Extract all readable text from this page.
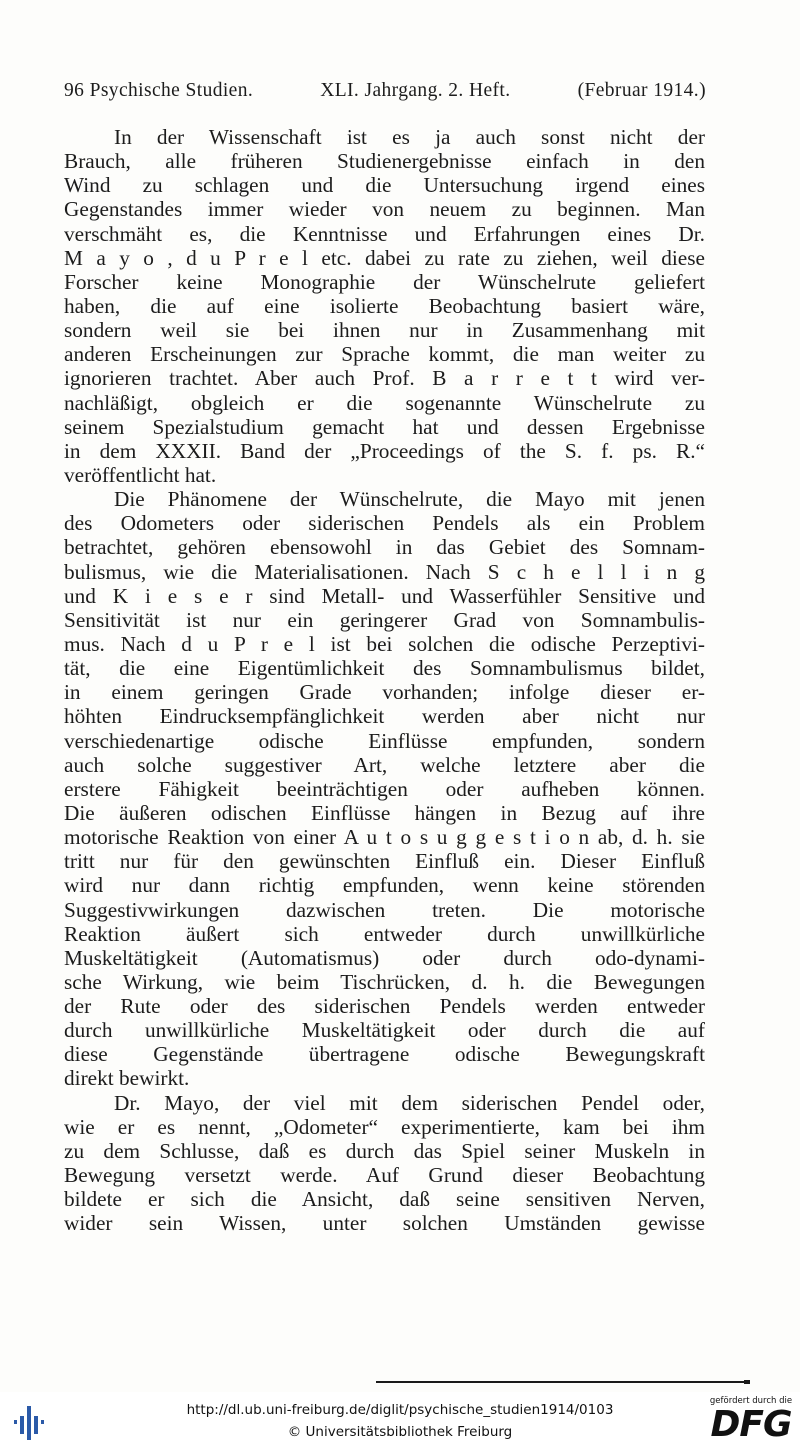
96 Psychische Studien.	XLI. Jahrgang. 2. Heft.	(Februar 1914.)
In der Wissenschaft ist es ja auch sonst nicht der
Brauch, alle früheren Studienergebnisse einfach in den
Wind zu schlagen und die Untersuchung irgend eines
Gegenstandes immer wieder von neuem zu beginnen. Man
verschmäht es, die Kenntnisse und Erfahrungen eines Dr.
M a y o , d u P r e l etc. dabei zu rate zu ziehen, weil diese
Forscher keine Monographie der Wünschelrute geliefert
haben, die auf eine isolierte Beobachtung basiert wäre,
sondern weil sie bei ihnen nur in Zusammenhang mit
anderen Erscheinungen zur Sprache kommt, die man weiter zu
ignorieren trachtet. Aber auch Prof. B a r r e t t wird ver-
nachläßigt, obgleich er die sogenannte Wünschelrute zu
seinem Spezialstudium gemacht hat und dessen Ergebnisse
in dem XXXII. Band der „Proceedings of the S. f. ps. R.“
veröffentlicht hat.
Die Phänomene der Wünschelrute, die Mayo mit jenen
des Odometers oder siderischen Pendels als ein Problem
betrachtet, gehören ebensowohl in das Gebiet des Somnam-
bulismus, wie die Materialisationen. Nach S c h e l l i n g
und K i e s e r sind Metall- und Wasserfühler Sensitive und
Sensitivität ist nur ein geringerer Grad von Somnambulis-
mus. Nach d u P r e l ist bei solchen die odische Perzeptivi-
tät, die eine Eigentümlichkeit des Somnambulismus bildet,
in einem geringen Grade vorhanden; infolge dieser er-
höhten Eindrucksempfänglichkeit werden aber nicht nur
verschiedenartige odische Einflüsse empfunden, sondern
auch solche suggestiver Art, welche letztere aber die
erstere Fähigkeit beeinträchtigen oder aufheben können.
Die äußeren odischen Einflüsse hängen in Bezug auf ihre
motorische Reaktion von einer A u t o s u g g e s t i o n ab, d. h. sie
tritt nur für den gewünschten Einfluß ein. Dieser Einfluß
wird nur dann richtig empfunden, wenn keine störenden
Suggestivwirkungen dazwischen treten. Die motorische
Reaktion äußert sich entweder durch unwillkürliche
Muskeltätigkeit (Automatismus) oder durch odo-dynami-
sche Wirkung, wie beim Tischrücken, d. h. die Bewegungen
der Rute oder des siderischen Pendels werden entweder
durch unwillkürliche Muskeltätigkeit oder durch die auf
diese Gegenstände übertragene odische Bewegungskraft
direkt bewirkt.
Dr. Mayo, der viel mit dem siderischen Pendel oder,
wie er es nennt, „Odometer“ experimentierte, kam bei ihm
zu dem Schlusse, daß es durch das Spiel seiner Muskeln in
Bewegung versetzt werde. Auf Grund dieser Beobachtung
bildete er sich die Ansicht, daß seine sensitiven Nerven,
wider sein Wissen, unter solchen Umständen gewisse
http://dl.ub.uni-freiburg.de/diglit/psychische_studien1914/0103
© Universitätsbibliothek Freiburg
gefördert durch die
DFG
